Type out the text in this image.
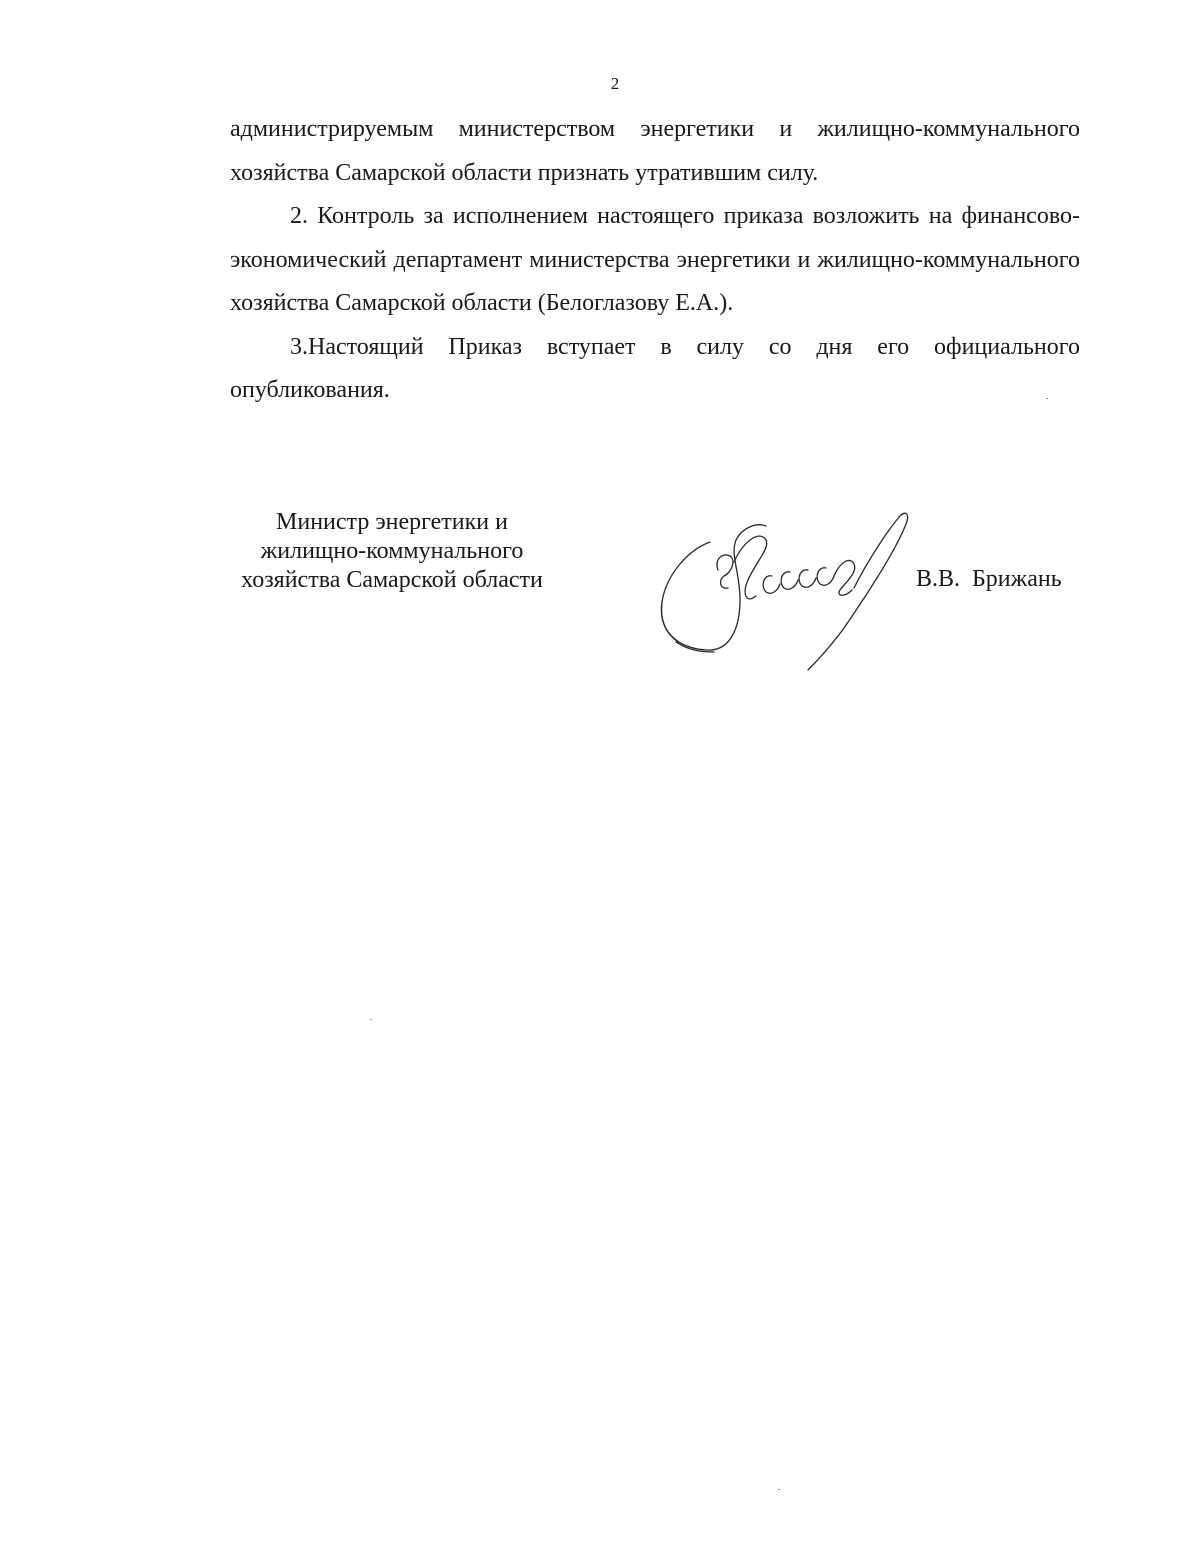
2

администрируемым министерством энергетики и жилищно-коммунального хозяйства Самарской области признать утратившим силу.

2. Контроль за исполнением настоящего приказа возложить на финансово-экономический департамент министерства энергетики и жилищно-коммунального хозяйства Самарской области (Белоглазову Е.А.).

3.Настоящий Приказ вступает в силу со дня его официального опубликования.

Министр энергетики и
жилищно-коммунального
хозяйства Самарской области	В.В.  Брижань
